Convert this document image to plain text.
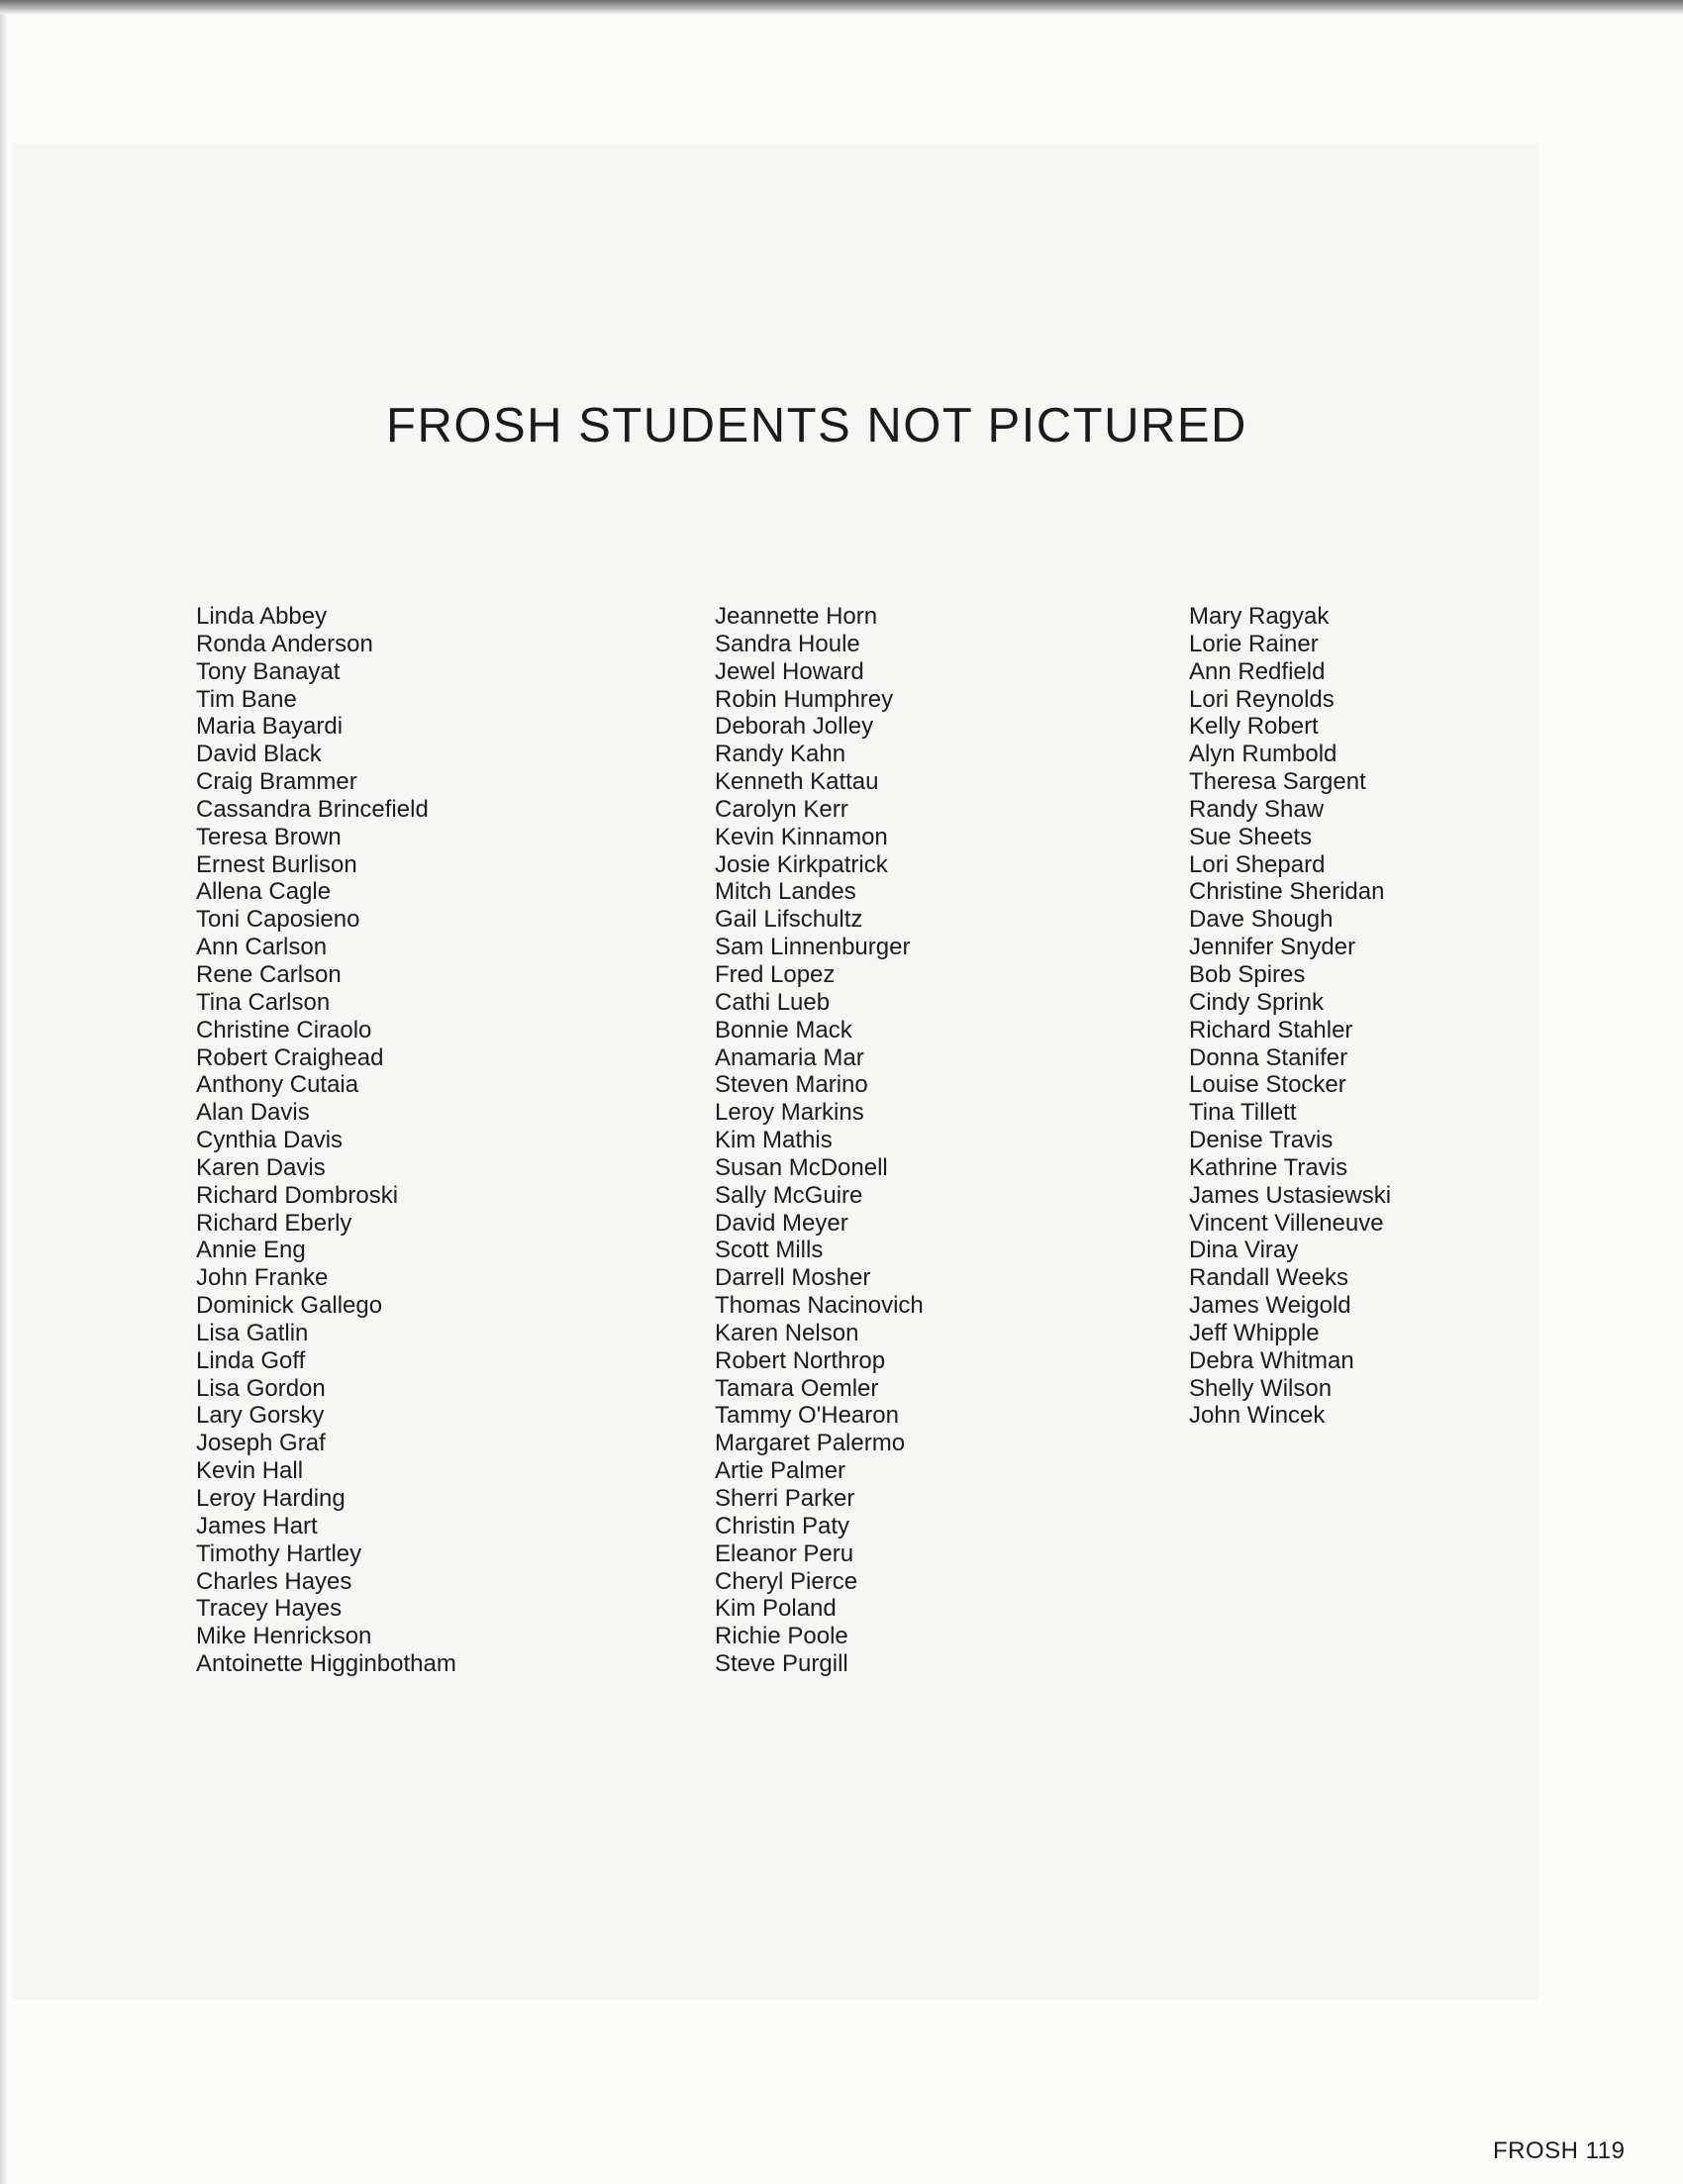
FROSH STUDENTS NOT PICTURED
Linda Abbey
Ronda Anderson
Tony Banayat
Tim Bane
Maria Bayardi
David Black
Craig Brammer
Cassandra Brincefield
Teresa Brown
Ernest Burlison
Allena Cagle
Toni Caposieno
Ann Carlson
Rene Carlson
Tina Carlson
Christine Ciraolo
Robert Craighead
Anthony Cutaia
Alan Davis
Cynthia Davis
Karen Davis
Richard Dombroski
Richard Eberly
Annie Eng
John Franke
Dominick Gallego
Lisa Gatlin
Linda Goff
Lisa Gordon
Lary Gorsky
Joseph Graf
Kevin Hall
Leroy Harding
James Hart
Timothy Hartley
Charles Hayes
Tracey Hayes
Mike Henrickson
Antoinette Higginbotham
Jeannette Horn
Sandra Houle
Jewel Howard
Robin Humphrey
Deborah Jolley
Randy Kahn
Kenneth Kattau
Carolyn Kerr
Kevin Kinnamon
Josie Kirkpatrick
Mitch Landes
Gail Lifschultz
Sam Linnenburger
Fred Lopez
Cathi Lueb
Bonnie Mack
Anamaria Mar
Steven Marino
Leroy Markins
Kim Mathis
Susan McDonell
Sally McGuire
David Meyer
Scott Mills
Darrell Mosher
Thomas Nacinovich
Karen Nelson
Robert Northrop
Tamara Oemler
Tammy O'Hearon
Margaret Palermo
Artie Palmer
Sherri Parker
Christin Paty
Eleanor Peru
Cheryl Pierce
Kim Poland
Richie Poole
Steve Purgill
Mary Ragyak
Lorie Rainer
Ann Redfield
Lori Reynolds
Kelly Robert
Alyn Rumbold
Theresa Sargent
Randy Shaw
Sue Sheets
Lori Shepard
Christine Sheridan
Dave Shough
Jennifer Snyder
Bob Spires
Cindy Sprink
Richard Stahler
Donna Stanifer
Louise Stocker
Tina Tillett
Denise Travis
Kathrine Travis
James Ustasiewski
Vincent Villeneuve
Dina Viray
Randall Weeks
James Weigold
Jeff Whipple
Debra Whitman
Shelly Wilson
John Wincek
FROSH 119
